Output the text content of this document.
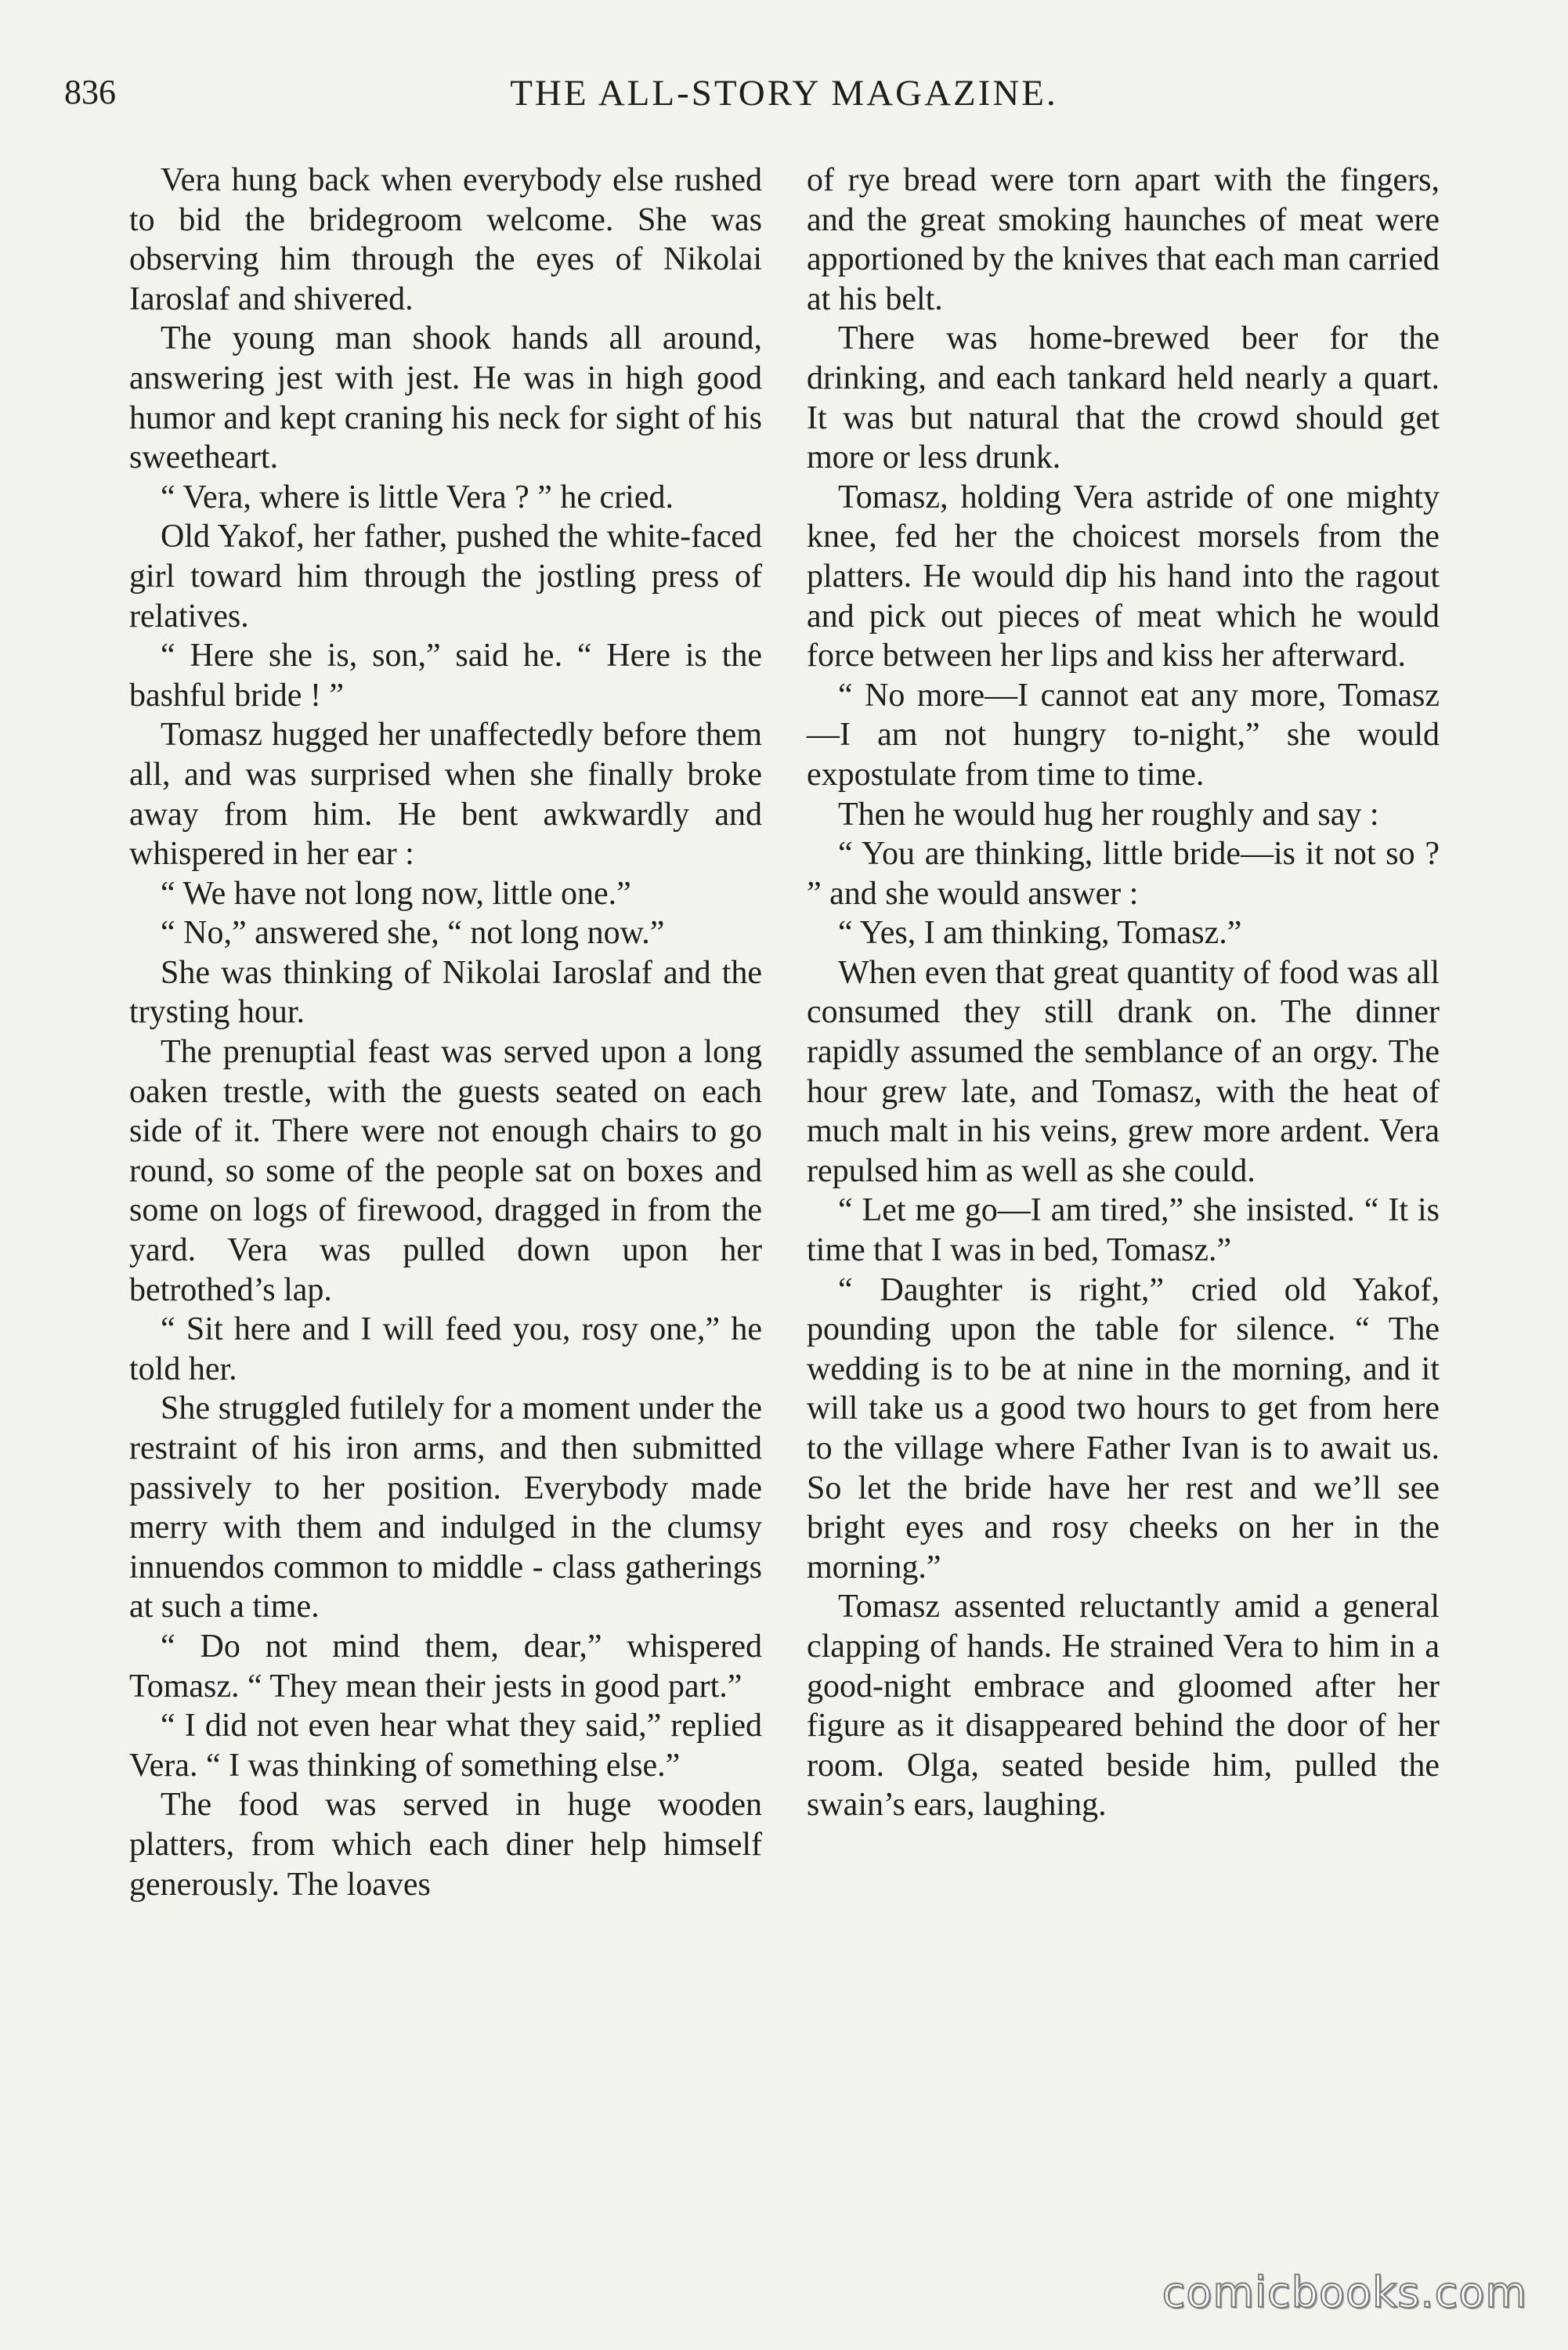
836	THE ALL-STORY MAGAZINE.

Vera hung back when everybody else rushed to bid the bridegroom welcome. She was observing him through the eyes of Nikolai Iaroslaf and shivered.

The young man shook hands all around, answering jest with jest. He was in high good humor and kept craning his neck for sight of his sweetheart.

“ Vera, where is little Vera ? ” he cried.

Old Yakof, her father, pushed the white-faced girl toward him through the jostling press of relatives.

“ Here she is, son,” said he. “ Here is the bashful bride ! ”

Tomasz hugged her unaffectedly before them all, and was surprised when she finally broke away from him. He bent awkwardly and whispered in her ear :

“ We have not long now, little one.”

“ No,” answered she, “ not long now.”

She was thinking of Nikolai Iaroslaf and the trysting hour.

The prenuptial feast was served upon a long oaken trestle, with the guests seated on each side of it. There were not enough chairs to go round, so some of the people sat on boxes and some on logs of firewood, dragged in from the yard. Vera was pulled down upon her betrothed’s lap.

“ Sit here and I will feed you, rosy one,” he told her.

She struggled futilely for a moment under the restraint of his iron arms, and then submitted passively to her position. Everybody made merry with them and indulged in the clumsy innuendos common to middle - class gatherings at such a time.

“ Do not mind them, dear,” whispered Tomasz. “ They mean their jests in good part.”

“ I did not even hear what they said,” replied Vera. “ I was thinking of something else.”

The food was served in huge wooden platters, from which each diner help himself generously. The loaves

of rye bread were torn apart with the fingers, and the great smoking haunches of meat were apportioned by the knives that each man carried at his belt.

There was home-brewed beer for the drinking, and each tankard held nearly a quart. It was but natural that the crowd should get more or less drunk.

Tomasz, holding Vera astride of one mighty knee, fed her the choicest morsels from the platters. He would dip his hand into the ragout and pick out pieces of meat which he would force between her lips and kiss her afterward.

“ No more—I cannot eat any more, Tomasz—I am not hungry to-night,” she would expostulate from time to time.

Then he would hug her roughly and say :

“ You are thinking, little bride—is it not so ? ” and she would answer :

“ Yes, I am thinking, Tomasz.”

When even that great quantity of food was all consumed they still drank on. The dinner rapidly assumed the semblance of an orgy. The hour grew late, and Tomasz, with the heat of much malt in his veins, grew more ardent. Vera repulsed him as well as she could.

“ Let me go—I am tired,” she insisted. “ It is time that I was in bed, Tomasz.”

“ Daughter is right,” cried old Yakof, pounding upon the table for silence. “ The wedding is to be at nine in the morning, and it will take us a good two hours to get from here to the village where Father Ivan is to await us. So let the bride have her rest and we’ll see bright eyes and rosy cheeks on her in the morning.”

Tomasz assented reluctantly amid a general clapping of hands. He strained Vera to him in a good-night embrace and gloomed after her figure as it disappeared behind the door of her room. Olga, seated beside him, pulled the swain’s ears, laughing.

comicbooks.com
